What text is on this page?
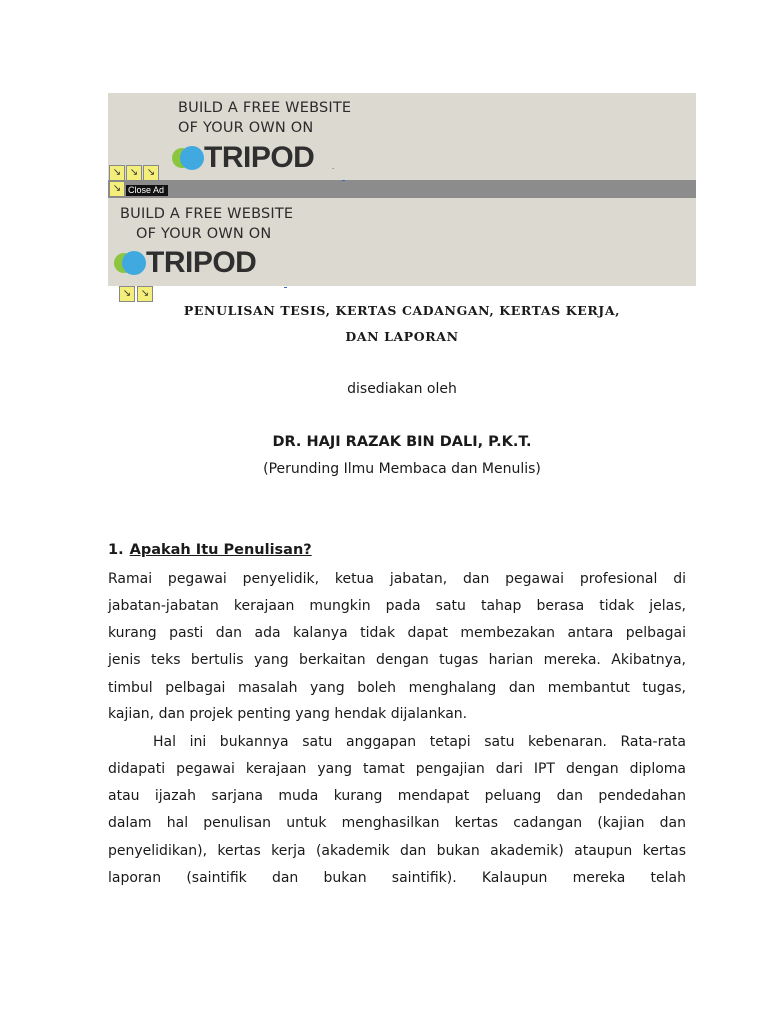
BUILD A FREE WEBSITE
OF YOUR OWN ON
TRIPOD	.
BUILD A FREE WEBSITE
OF YOUR OWN ON
TRIPOD
↘ ↘ ↘
↘ Close Ad
↘ ↘
PENULISAN TESIS, KERTAS CADANGAN, KERTAS KERJA,
DAN LAPORAN
disediakan oleh
DR. HAJI RAZAK BIN DALI, P.K.T.
(Perunding Ilmu Membaca dan Menulis)
1. Apakah Itu Penulisan?
Ramai pegawai penyelidik, ketua jabatan, dan pegawai profesional di
jabatan-jabatan kerajaan mungkin pada satu tahap berasa tidak jelas,
kurang pasti dan ada kalanya tidak dapat membezakan antara pelbagai
jenis teks bertulis yang berkaitan dengan tugas harian mereka. Akibatnya,
timbul pelbagai masalah yang boleh menghalang dan membantut tugas,
kajian, dan projek penting yang hendak dijalankan.
Hal ini bukannya satu anggapan tetapi satu kebenaran. Rata-rata
didapati pegawai kerajaan yang tamat pengajian dari IPT dengan diploma
atau ijazah sarjana muda kurang mendapat peluang dan pendedahan
dalam hal penulisan untuk menghasilkan kertas cadangan (kajian dan
penyelidikan), kertas kerja (akademik dan bukan akademik) ataupun kertas
laporan (saintifik dan bukan saintifik). Kalaupun mereka telah
